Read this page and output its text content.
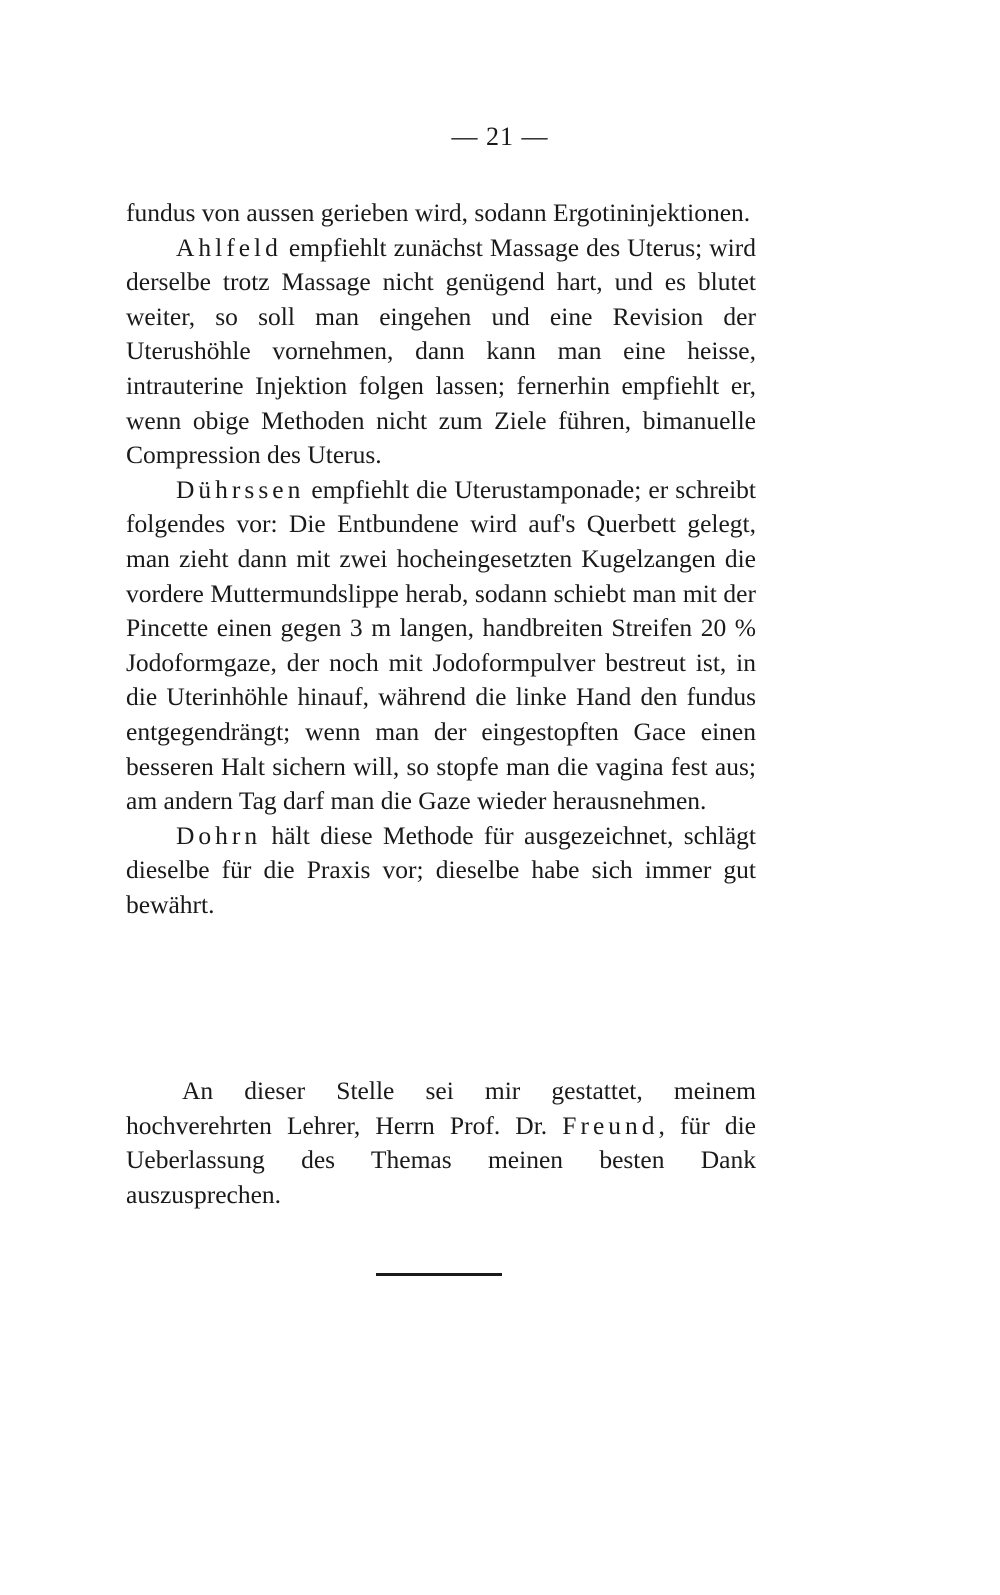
— 21 —

fundus von aussen gerieben wird, sodann Ergotininjektionen.

Ahlfeld empfiehlt zunächst Massage des Uterus; wird derselbe trotz Massage nicht genügend hart, und es blutet weiter, so soll man eingehen und eine Revision der Uterushöhle vornehmen, dann kann man eine heisse, intrauterine Injektion folgen lassen; fernerhin empfiehlt er, wenn obige Methoden nicht zum Ziele führen, bimanuelle Compression des Uterus.

Dührssen empfiehlt die Uterustamponade; er schreibt folgendes vor: Die Entbundene wird auf's Querbett gelegt, man zieht dann mit zwei hocheingesetzten Kugelzangen die vordere Muttermundslippe herab, sodann schiebt man mit der Pincette einen gegen 3 m langen, handbreiten Streifen 20 % Jodoformgaze, der noch mit Jodoformpulver bestreut ist, in die Uterinhöhle hinauf, während die linke Hand den fundus entgegendrängt; wenn man der eingestopften Gace einen besseren Halt sichern will, so stopfe man die vagina fest aus; am andern Tag darf man die Gaze wieder herausnehmen.

Dohrn hält diese Methode für ausgezeichnet, schlägt dieselbe für die Praxis vor; dieselbe habe sich immer gut bewährt.

An dieser Stelle sei mir gestattet, meinem hochverehrten Lehrer, Herrn Prof. Dr. Freund, für die Ueberlassung des Themas meinen besten Dank auszusprechen.
